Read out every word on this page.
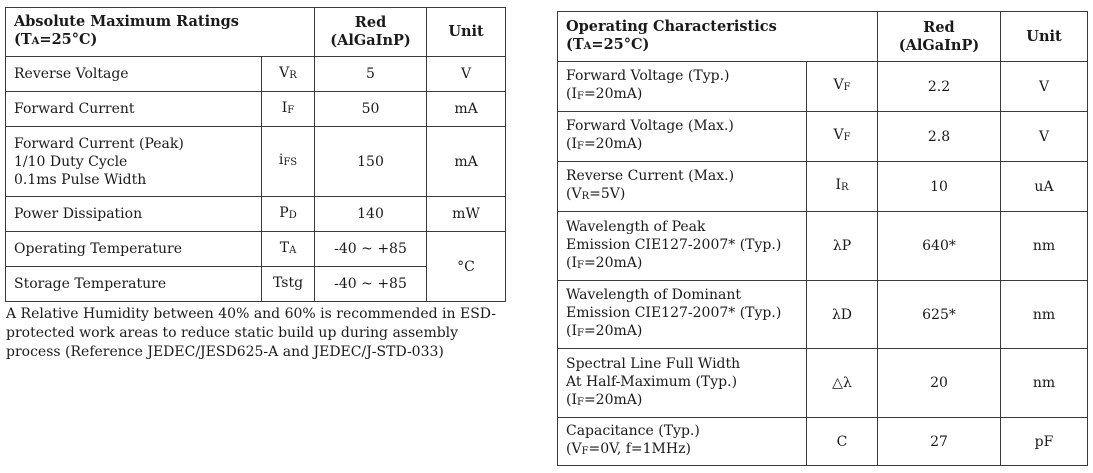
Absolute Maximum Ratings
(TA=25°C)		Red
(AlGaInP)	Unit
Reverse Voltage	VR	5	V
Forward Current	IF	50	mA
Forward Current (Peak)
1/10 Duty Cycle
0.1ms Pulse Width	iFS	150	mA
Power Dissipation	PD	140	mW
Operating Temperature	TA	-40 ~ +85	°C
Storage Temperature	Tstg	-40 ~ +85	
A Relative Humidity between 40% and 60% is recommended in ESD-protected work areas to reduce static build up during assembly process (Reference JEDEC/JESD625-A and JEDEC/J-STD-033)
Operating Characteristics
(TA=25°C)		Red
(AlGaInP)	Unit
Forward Voltage (Typ.)
(IF=20mA)	VF	2.2	V
Forward Voltage (Max.)
(IF=20mA)	VF	2.8	V
Reverse Current (Max.)
(VR=5V)	IR	10	uA
Wavelength of Peak
Emission CIE127-2007* (Typ.)
(IF=20mA)	λP	640*	nm
Wavelength of Dominant
Emission CIE127-2007* (Typ.)
(IF=20mA)	λD	625*	nm
Spectral Line Full Width
At Half-Maximum (Typ.)
(IF=20mA)	△λ	20	nm
Capacitance (Typ.)
(VF=0V, f=1MHz)	C	27	pF
